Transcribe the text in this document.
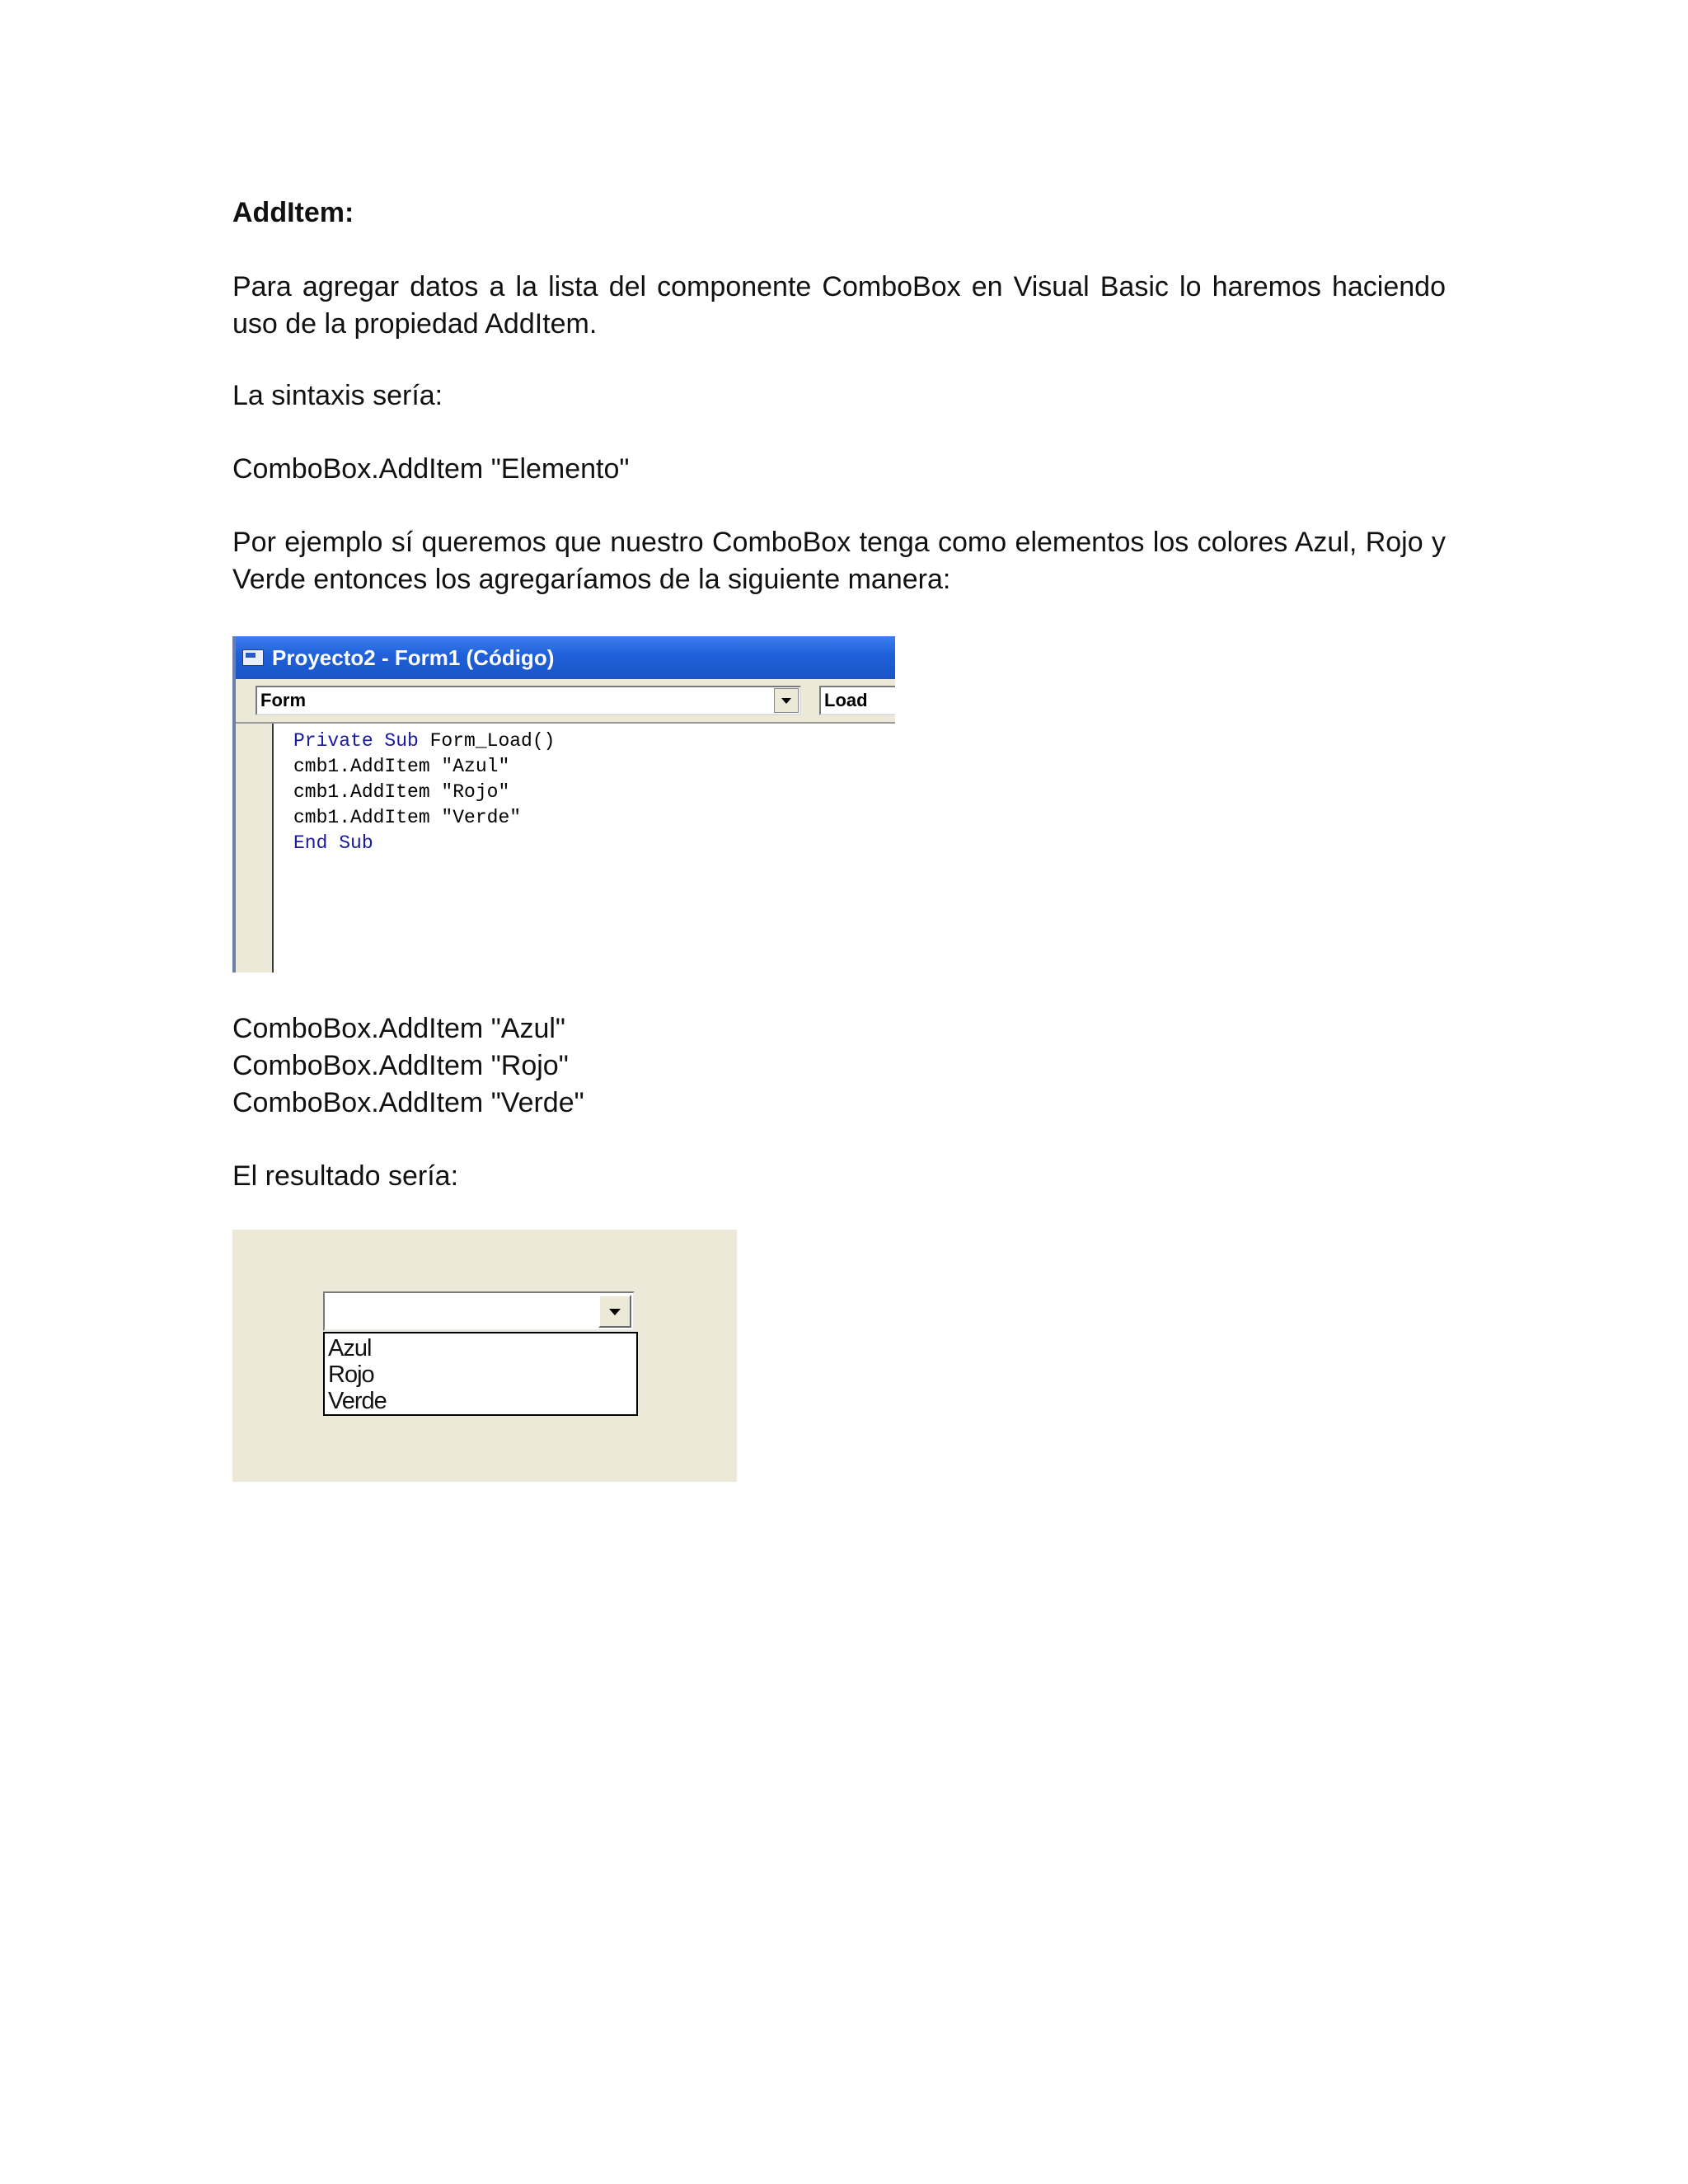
AddItem:
Para agregar datos a la lista del componente ComboBox en Visual Basic lo haremos haciendo uso de la propiedad AddItem.
La sintaxis sería:
ComboBox.AddItem "Elemento"
Por ejemplo sí queremos que nuestro ComboBox tenga como elementos los colores Azul, Rojo y Verde entonces los agregaríamos de la siguiente manera:
ComboBox.AddItem "Azul"
ComboBox.AddItem "Rojo"
ComboBox.AddItem "Verde"
El resultado sería:
Proyecto2 - Form1 (Código)
Form	Load
Private Sub Form_Load()
cmb1.AddItem "Azul"
cmb1.AddItem "Rojo"
cmb1.AddItem "Verde"
End Sub
Azul
Rojo
Verde
